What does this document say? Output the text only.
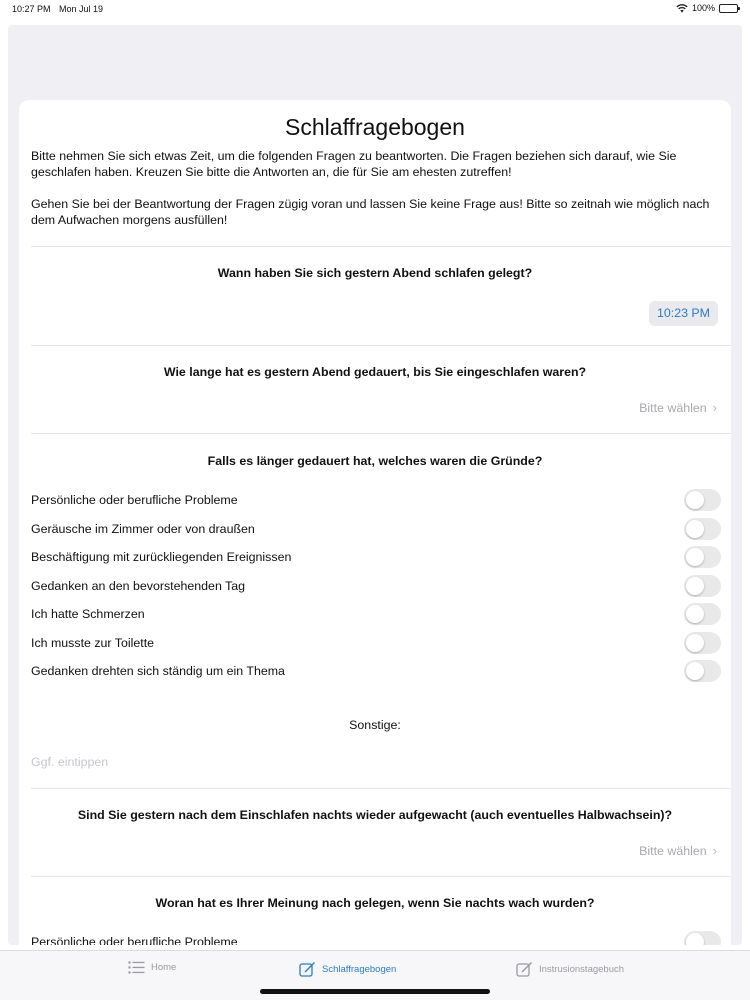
10:27 PM Mon Jul 19	100%
Schlaffragebogen

Bitte nehmen Sie sich etwas Zeit, um die folgenden Fragen zu beantworten. Die Fragen beziehen sich darauf, wie Sie geschlafen haben. Kreuzen Sie bitte die Antworten an, die für Sie am ehesten zutreffen!

Gehen Sie bei der Beantwortung der Fragen zügig voran und lassen Sie keine Frage aus! Bitte so zeitnah wie möglich nach dem Aufwachen morgens ausfüllen!

Wann haben Sie sich gestern Abend schlafen gelegt?
10:23 PM
Wie lange hat es gestern Abend gedauert, bis Sie eingeschlafen waren?
Bitte wählen ›
Falls es länger gedauert hat, welches waren die Gründe?
Persönliche oder berufliche Probleme
Geräusche im Zimmer oder von draußen
Beschäftigung mit zurückliegenden Ereignissen
Gedanken an den bevorstehenden Tag
Ich hatte Schmerzen
Ich musste zur Toilette
Gedanken drehten sich ständig um ein Thema
Sonstige:
Ggf. eintippen
Sind Sie gestern nach dem Einschlafen nachts wieder aufgewacht (auch eventuelles Halbwachsein)?
Bitte wählen ›
Woran hat es Ihrer Meinung nach gelegen, wenn Sie nachts wach wurden?
Persönliche oder berufliche Probleme
Home	Schlaffragebogen	Instrusionstagebuch
